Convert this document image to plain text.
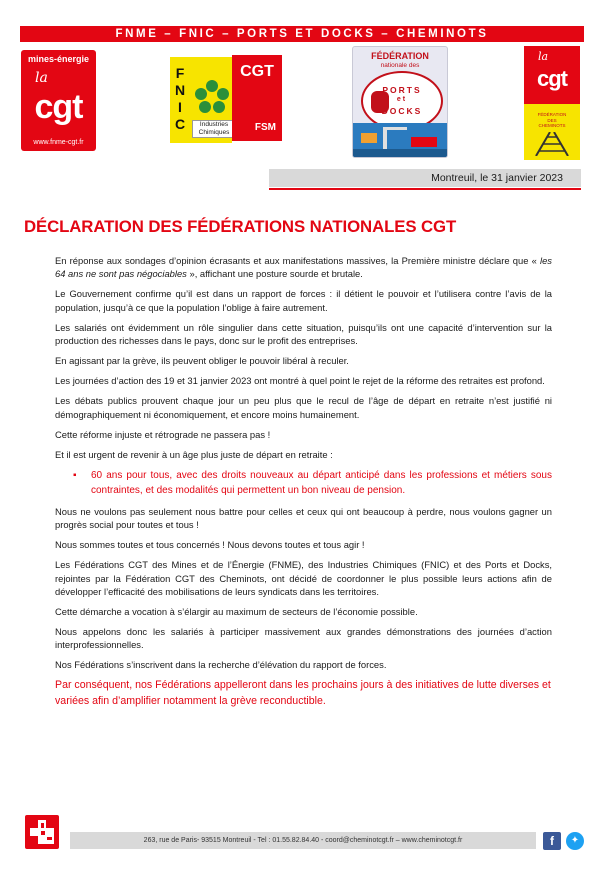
FNME – FNIC – PORTS ET DOCKS – CHEMINOTS
mines-énergie
la
cgt
www.fnme-cgt.fr
F
N
I
C	Industries Chimiques
CGT
FSM
FÉDÉRATION
nationale des
PORTS
et
DOCKS
la
cgt
FÉDÉRATION DES CHEMINOTS
Montreuil, le 31 janvier 2023
DÉCLARATION DES FÉDÉRATIONS NATIONALES CGT

En réponse aux sondages d’opinion écrasants et aux manifestations massives, la Première ministre déclare que « les 64 ans ne sont pas négociables », affichant une posture sourde et brutale.

Le Gouvernement confirme qu’il est dans un rapport de forces : il détient le pouvoir et l’utilisera contre l’avis de la population, jusqu’à ce que la population l’oblige à faire autrement.

Les salariés ont évidemment un rôle singulier dans cette situation, puisqu’ils ont une capacité d’intervention sur la production des richesses dans le pays, donc sur le profit des entreprises.

En agissant par la grève, ils peuvent obliger le pouvoir libéral à reculer.

Les journées d’action des 19 et 31 janvier 2023 ont montré à quel point le rejet de la réforme des retraites est profond.

Les débats publics prouvent chaque jour un peu plus que le recul de l’âge de départ en retraite n’est justifié ni démographiquement ni économiquement, et encore moins humainement.

Cette réforme injuste et rétrograde ne passera pas !

Et il est urgent de revenir à un âge plus juste de départ en retraite :

▪ 60 ans pour tous, avec des droits nouveaux au départ anticipé dans les professions et métiers sous contraintes, et des modalités qui permettent un bon niveau de pension.

Nous ne voulons pas seulement nous battre pour celles et ceux qui ont beaucoup à perdre, nous voulons gagner un progrès social pour toutes et tous !

Nous sommes toutes et tous concernés ! Nous devons toutes et tous agir !

Les Fédérations CGT des Mines et de l’Énergie (FNME), des Industries Chimiques (FNIC) et des Ports et Docks, rejointes par la Fédération CGT des Cheminots, ont décidé de coordonner le plus possible leurs actions afin de développer l’efficacité des mobilisations de leurs syndicats dans les territoires.

Cette démarche a vocation à s’élargir au maximum de secteurs de l’économie possible.

Nous appelons donc les salariés à participer massivement aux grandes démonstrations des journées d’action interprofessionnelles.

Nos Fédérations s’inscrivent dans la recherche d’élévation du rapport de forces.

Par conséquent, nos Fédérations appelleront dans les prochains jours à des initiatives de lutte diverses et variées afin d’amplifier notamment la grève reconductible.

263, rue de Paris- 93515 Montreuil - Tel : 01.55.82.84.40 - coord@cheminotcgt.fr – www.cheminotcgt.fr	f	✦
